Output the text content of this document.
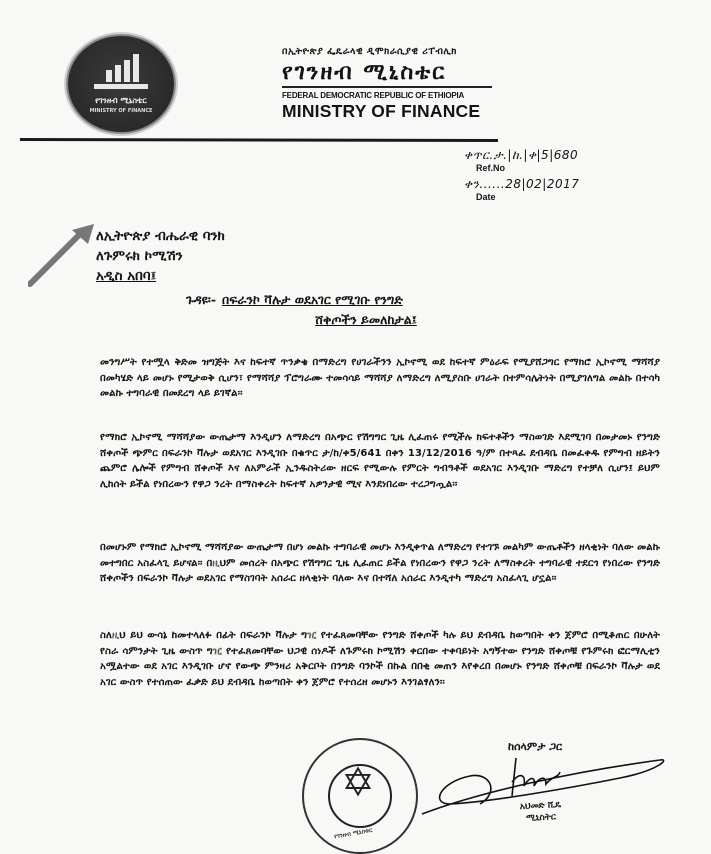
የገንዘብ ሚኒስቴር
MINISTRY OF FINANCE
በኢትዮጵያ ፌዴራላዊ ዲሞክራሲያዊ ሪፐብሊክ
የገንዘብ ሚኒስቴር
FEDERAL DEMOCRATIC REPUBLIC OF ETHIOPIA
MINISTRY OF FINANCE
ቀጥር.ታ.|ከ.|ቀ|5|680
Ref.No
ቀን......28|02|2017
Date
ለኢትዮጵያ ብሔራዊ ባንክ
ለጉምሩክ ኮሚሽን
አዲስ አበባ፤
ጉዳዩ፡- በፍራንኮ ቫሉታ ወደአገር የሚገቡ የንግድ
ሸቀጦችን ይመለከታል፤
መንግሥት የተሟላ ቅድመ ዝግጅት እና ከፍተኛ ጥንቃቄ በማድረግ የሀገራችንን ኢኮኖሚ ወደ ከፍተኛ ምዕራፍ የሚያሸጋግር የማክሮ ኢኮኖሚ ማሻሻያ በመካሄድ ላይ መሆኑ የሚታወቅ ሲሆን፣ የማሻሻያ ፕሮግራሙ ተመሳሳይ ማሻሻያ ለማድረግ ለሚያስቡ ሀገራት በተምሳሌትነት በሚያገለግል መልኩ በተሳካ መልኩ ተግባራዊ በመደረግ ላይ ይገኛል፡፡
የማክሮ ኢኮኖሚ ማሻሻያው ውጤታማ እንዲሆን ለማድረግ በአጭር የሽግግር ጊዜ ሊፈጠሩ የሚችሉ ክፍተቶችን ማስወገድ እደሚገባ በመታመኑ የንግድ ሸቀጦች ጭምር በፍራንኮ ቫሉታ ወደአገር እንዲገቡ በቁጥር ታ/ከ/ቀ5/641 በቀን 13/12/2016 ዓ/ም በተጻፈ ደብዳቤ በመፈቀዱ የምግብ ዘይትን ጨምሮ ሌሎች የምግብ ሸቀጦች እና ለአምራች ኢንዱስትሪው ዘርፍ የሚውሉ የምርት ግብዓቶች ወደአገር እንዲገቡ ማድረግ የተቻለ ሲሆን፤ ይህም ሊከሰት ይችል የነበረውን የዋጋ ንረት በማስቀረት ከፍተኛ አዎንታዊ ሚና እንደነበረው ተረጋግጧል፡፡
በመሆኑም የማክሮ ኢኮኖሚ ማሻሻያው ውጤታማ በሆነ መልኩ ተግባራዊ መሆኑ እንዲቀጥል ለማድረግ የተገኙ መልካም ውጤቶችን ዘላቂነት ባለው መልኩ መተግበር አስፈላጊ ይሆናል፡፡ በዚህም መሰረት በአጭር የሽግግር ጊዜ ሊፈጠር ይችል የነበረውን የዋጋ ንረት ለማስቀረት ተግባራዊ ተደርጎ የነበረው የንግድ ሸቀጦችን በፍራንኮ ቫሉታ ወደአገር የማስገባት አሰራር ዘላቂነት ባለው እና በተሻለ አሰራር እንዲተካ ማድረግ አስፈላጊ ሆኗል፡፡
ስለዚህ ይህ ውሳኔ ከመተላለፉ በፊት በፍራንኮ ቫሉታ ግዢ የተፈጸመባቸው የንግድ ሸቀጦች ካሉ ይህ ደብዳቤ ከወጣበት ቀን ጀምሮ በሚቆጠር በሁለት የስራ ሳምንታት ጊዜ ውስጥ ግዢ የተፈጸመባቸው ህጋዊ ሰነዶች ለጉምሩክ ኮሚሽን ቀርበው ተቀባይነት አግኝተው የንግድ ሸቀጦቹ የጉምሩክ ፎርማሊቲን አሟልተው ወደ አገር እንዲገቡ ሆኖ የውጭ ምንዛሪ አቅርቦት በንግድ ባንኮች በኩል በበቂ መጠን እየቀረበ በመሆኑ የንግድ ሸቀጦቹ በፍራንኮ ቫሉታ ወደ አገር ውስጥ የተሰጠው ፈቃድ ይህ ደብዳቤ ከወጣበት ቀን ጀምሮ የተሰረዘ መሆኑን እንገልፃለን፡፡
✡
የገንዘብ ሚኒስቴር
ከሰላምታ ጋር
አህመድ ሺዴ
ሚኒስትር
